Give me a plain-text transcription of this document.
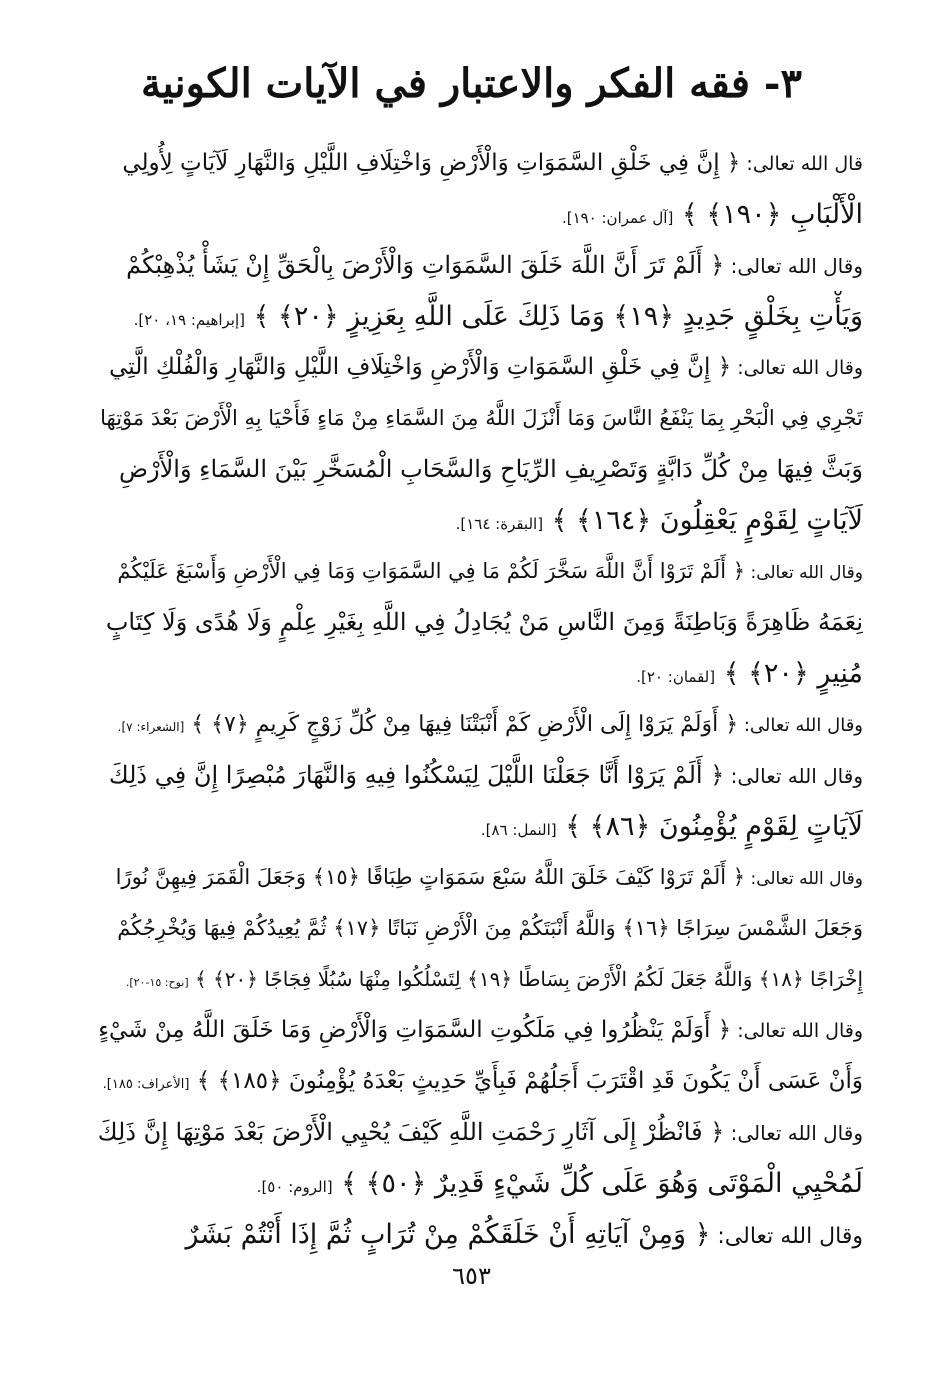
٣- فقه الفكر والاعتبار في الآيات الكونية
قال الله تعالى: ﴿ إِنَّ فِي خَلْقِ السَّمَوَاتِ وَالْأَرْضِ وَاخْتِلَافِ اللَّيْلِ وَالنَّهَارِ لَآيَاتٍ لِأُولِي
الْأَلْبَابِ ﴿١٩٠﴾ ﴾ [آل عمران: ١٩٠].
وقال الله تعالى: ﴿ أَلَمْ تَرَ أَنَّ اللَّهَ خَلَقَ السَّمَوَاتِ وَالْأَرْضَ بِالْحَقِّ إِنْ يَشَأْ يُذْهِبْكُمْ
وَيَأْتِ بِخَلْقٍ جَدِيدٍ ﴿١٩﴾ وَمَا ذَلِكَ عَلَى اللَّهِ بِعَزِيزٍ ﴿٢٠﴾ ﴾ [إبراهيم: ١٩، ٢٠].
وقال الله تعالى: ﴿ إِنَّ فِي خَلْقِ السَّمَوَاتِ وَالْأَرْضِ وَاخْتِلَافِ اللَّيْلِ وَالنَّهَارِ وَالْفُلْكِ الَّتِي
تَجْرِي فِي الْبَحْرِ بِمَا يَنْفَعُ النَّاسَ وَمَا أَنْزَلَ اللَّهُ مِنَ السَّمَاءِ مِنْ مَاءٍ فَأَحْيَا بِهِ الْأَرْضَ بَعْدَ مَوْتِهَا
وَبَثَّ فِيهَا مِنْ كُلِّ دَابَّةٍ وَتَصْرِيفِ الرِّيَاحِ وَالسَّحَابِ الْمُسَخَّرِ بَيْنَ السَّمَاءِ وَالْأَرْضِ
لَآيَاتٍ لِقَوْمٍ يَعْقِلُونَ ﴿١٦٤﴾ ﴾ [البقرة: ١٦٤].
وقال الله تعالى: ﴿ أَلَمْ تَرَوْا أَنَّ اللَّهَ سَخَّرَ لَكُمْ مَا فِي السَّمَوَاتِ وَمَا فِي الْأَرْضِ وَأَسْبَغَ عَلَيْكُمْ
نِعَمَهُ ظَاهِرَةً وَبَاطِنَةً وَمِنَ النَّاسِ مَنْ يُجَادِلُ فِي اللَّهِ بِغَيْرِ عِلْمٍ وَلَا هُدًى وَلَا كِتَابٍ
مُنِيرٍ ﴿٢٠﴾ ﴾ [لقمان: ٢٠].
وقال الله تعالى: ﴿ أَوَلَمْ يَرَوْا إِلَى الْأَرْضِ كَمْ أَنْبَتْنَا فِيهَا مِنْ كُلِّ زَوْجٍ كَرِيمٍ ﴿٧﴾ ﴾ [الشعراء: ٧].
وقال الله تعالى: ﴿ أَلَمْ يَرَوْا أَنَّا جَعَلْنَا اللَّيْلَ لِيَسْكُنُوا فِيهِ وَالنَّهَارَ مُبْصِرًا إِنَّ فِي ذَلِكَ
لَآيَاتٍ لِقَوْمٍ يُؤْمِنُونَ ﴿٨٦﴾ ﴾ [النمل: ٨٦].
وقال الله تعالى: ﴿ أَلَمْ تَرَوْا كَيْفَ خَلَقَ اللَّهُ سَبْعَ سَمَوَاتٍ طِبَاقًا ﴿١٥﴾ وَجَعَلَ الْقَمَرَ فِيهِنَّ نُورًا
وَجَعَلَ الشَّمْسَ سِرَاجًا ﴿١٦﴾ وَاللَّهُ أَنْبَتَكُمْ مِنَ الْأَرْضِ نَبَاتًا ﴿١٧﴾ ثُمَّ يُعِيدُكُمْ فِيهَا وَيُخْرِجُكُمْ
إِخْرَاجًا ﴿١٨﴾ وَاللَّهُ جَعَلَ لَكُمُ الْأَرْضَ بِسَاطًا ﴿١٩﴾ لِتَسْلُكُوا مِنْهَا سُبُلًا فِجَاجًا ﴿٢٠﴾ ﴾ [نوح: ١٥-٢٠].
وقال الله تعالى: ﴿ أَوَلَمْ يَنْظُرُوا فِي مَلَكُوتِ السَّمَوَاتِ وَالْأَرْضِ وَمَا خَلَقَ اللَّهُ مِنْ شَيْءٍ
وَأَنْ عَسَى أَنْ يَكُونَ قَدِ اقْتَرَبَ أَجَلُهُمْ فَبِأَيِّ حَدِيثٍ بَعْدَهُ يُؤْمِنُونَ ﴿١٨٥﴾ ﴾ [الأعراف: ١٨٥].
وقال الله تعالى: ﴿ فَانْظُرْ إِلَى آثَارِ رَحْمَتِ اللَّهِ كَيْفَ يُحْيِي الْأَرْضَ بَعْدَ مَوْتِهَا إِنَّ ذَلِكَ
لَمُحْيِي الْمَوْتَى وَهُوَ عَلَى كُلِّ شَيْءٍ قَدِيرٌ ﴿٥٠﴾ ﴾ [الروم: ٥٠].
وقال الله تعالى: ﴿ وَمِنْ آيَاتِهِ أَنْ خَلَقَكُمْ مِنْ تُرَابٍ ثُمَّ إِذَا أَنْتُمْ بَشَرٌ
٦٥٣
